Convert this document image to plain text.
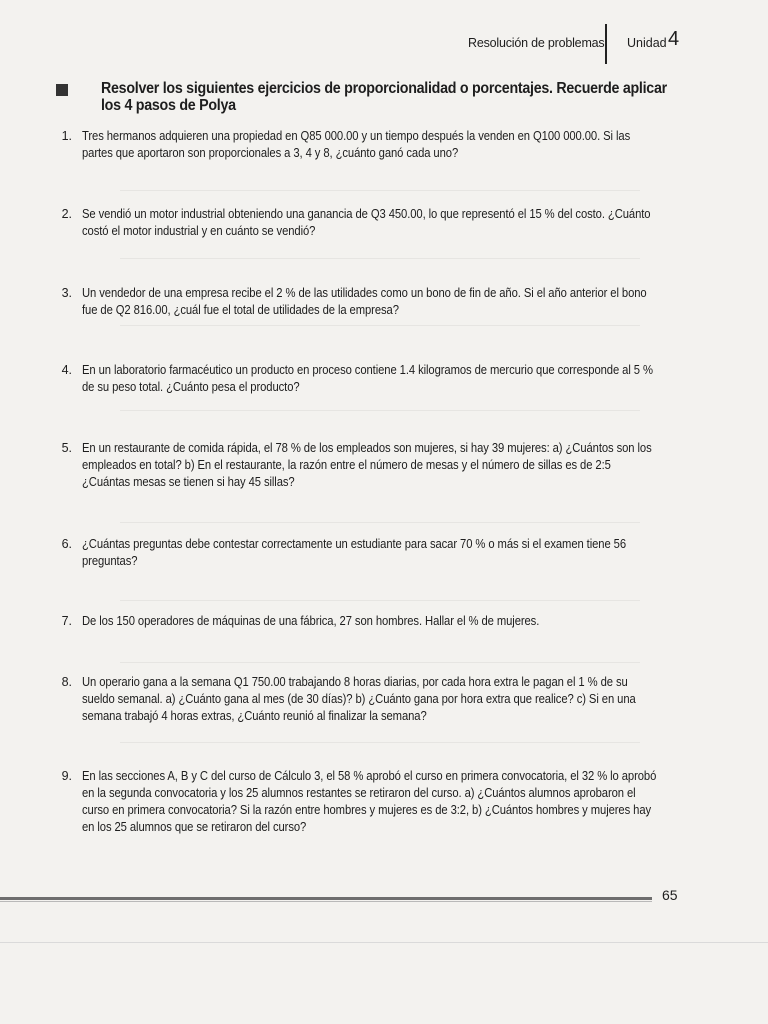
Resolución de problemas Unidad 4
Resolver los siguientes ejercicios de proporcionalidad o porcentajes. Recuerde aplicar los 4 pasos de Polya
1. Tres hermanos adquieren una propiedad en Q85 000.00 y un tiempo después la venden en Q100 000.00. Si las partes que aportaron son proporcionales a 3, 4 y 8, ¿cuánto ganó cada uno?
2. Se vendió un motor industrial obteniendo una ganancia de Q3 450.00, lo que representó el 15 % del costo. ¿Cuánto costó el motor industrial y en cuánto se vendió?
3. Un vendedor de una empresa recibe el 2 % de las utilidades como un bono de fin de año. Si el año anterior el bono fue de Q2 816.00, ¿cuál fue el total de utilidades de la empresa?
4. En un laboratorio farmacéutico un producto en proceso contiene 1.4 kilogramos de mercurio que corresponde al 5 % de su peso total. ¿Cuánto pesa el producto?
5. En un restaurante de comida rápida, el 78 % de los empleados son mujeres, si hay 39 mujeres: a) ¿Cuántos son los empleados en total? b) En el restaurante, la razón entre el número de mesas y el número de sillas es de 2:5 ¿Cuántas mesas se tienen si hay 45 sillas?
6. ¿Cuántas preguntas debe contestar correctamente un estudiante para sacar 70 % o más si el examen tiene 56 preguntas?
7. De los 150 operadores de máquinas de una fábrica, 27 son hombres. Hallar el % de mujeres.
8. Un operario gana a la semana Q1 750.00 trabajando 8 horas diarias, por cada hora extra le pagan el 1 % de su sueldo semanal. a) ¿Cuánto gana al mes (de 30 días)? b) ¿Cuánto gana por hora extra que realice? c) Si en una semana trabajó 4 horas extras, ¿Cuánto reunió al finalizar la semana?
9. En las secciones A, B y C del curso de Cálculo 3, el 58 % aprobó el curso en primera convocatoria, el 32 % lo aprobó en la segunda convocatoria y los 25 alumnos restantes se retiraron del curso. a) ¿Cuántos alumnos aprobaron el curso en primera convocatoria? Si la razón entre hombres y mujeres es de 3:2, b) ¿Cuántos hombres y mujeres hay en los 25 alumnos que se retiraron del curso?
65
